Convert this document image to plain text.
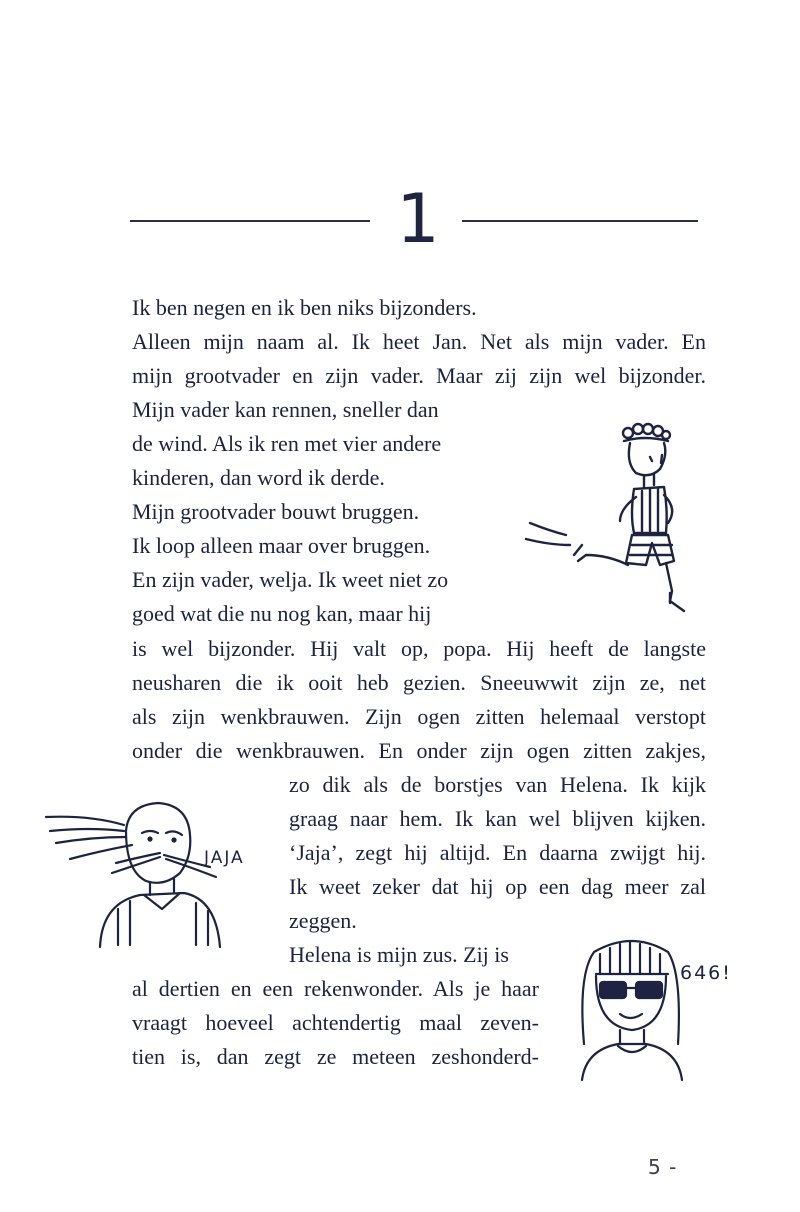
1
Ik ben negen en ik ben niks bijzonders.
Alleen mijn naam al. Ik heet Jan. Net als mijn vader. En
mijn grootvader en zijn vader. Maar zij zijn wel bijzonder.
Mijn vader kan rennen, sneller dan
de wind. Als ik ren met vier andere
kinderen, dan word ik derde.
Mijn grootvader bouwt bruggen.
Ik loop alleen maar over bruggen.
En zijn vader, welja. Ik weet niet zo
goed wat die nu nog kan, maar hij
is wel bijzonder. Hij valt op, popa. Hij heeft de langste
neusharen die ik ooit heb gezien. Sneeuwwit zijn ze, net
als zijn wenkbrauwen. Zijn ogen zitten helemaal verstopt
onder die wenkbrauwen. En onder zijn ogen zitten zakjes,
zo dik als de borstjes van Helena. Ik kijk
graag naar hem. Ik kan wel blijven kijken.
‘Jaja’, zegt hij altijd. En daarna zwijgt hij.
Ik weet zeker dat hij op een dag meer zal
zeggen.
Helena is mijn zus. Zij is
al dertien en een rekenwonder. Als je haar
vraagt hoeveel achtendertig maal zeven-
tien is, dan zegt ze meteen zeshonderd-
JAJA
646!
5 -
